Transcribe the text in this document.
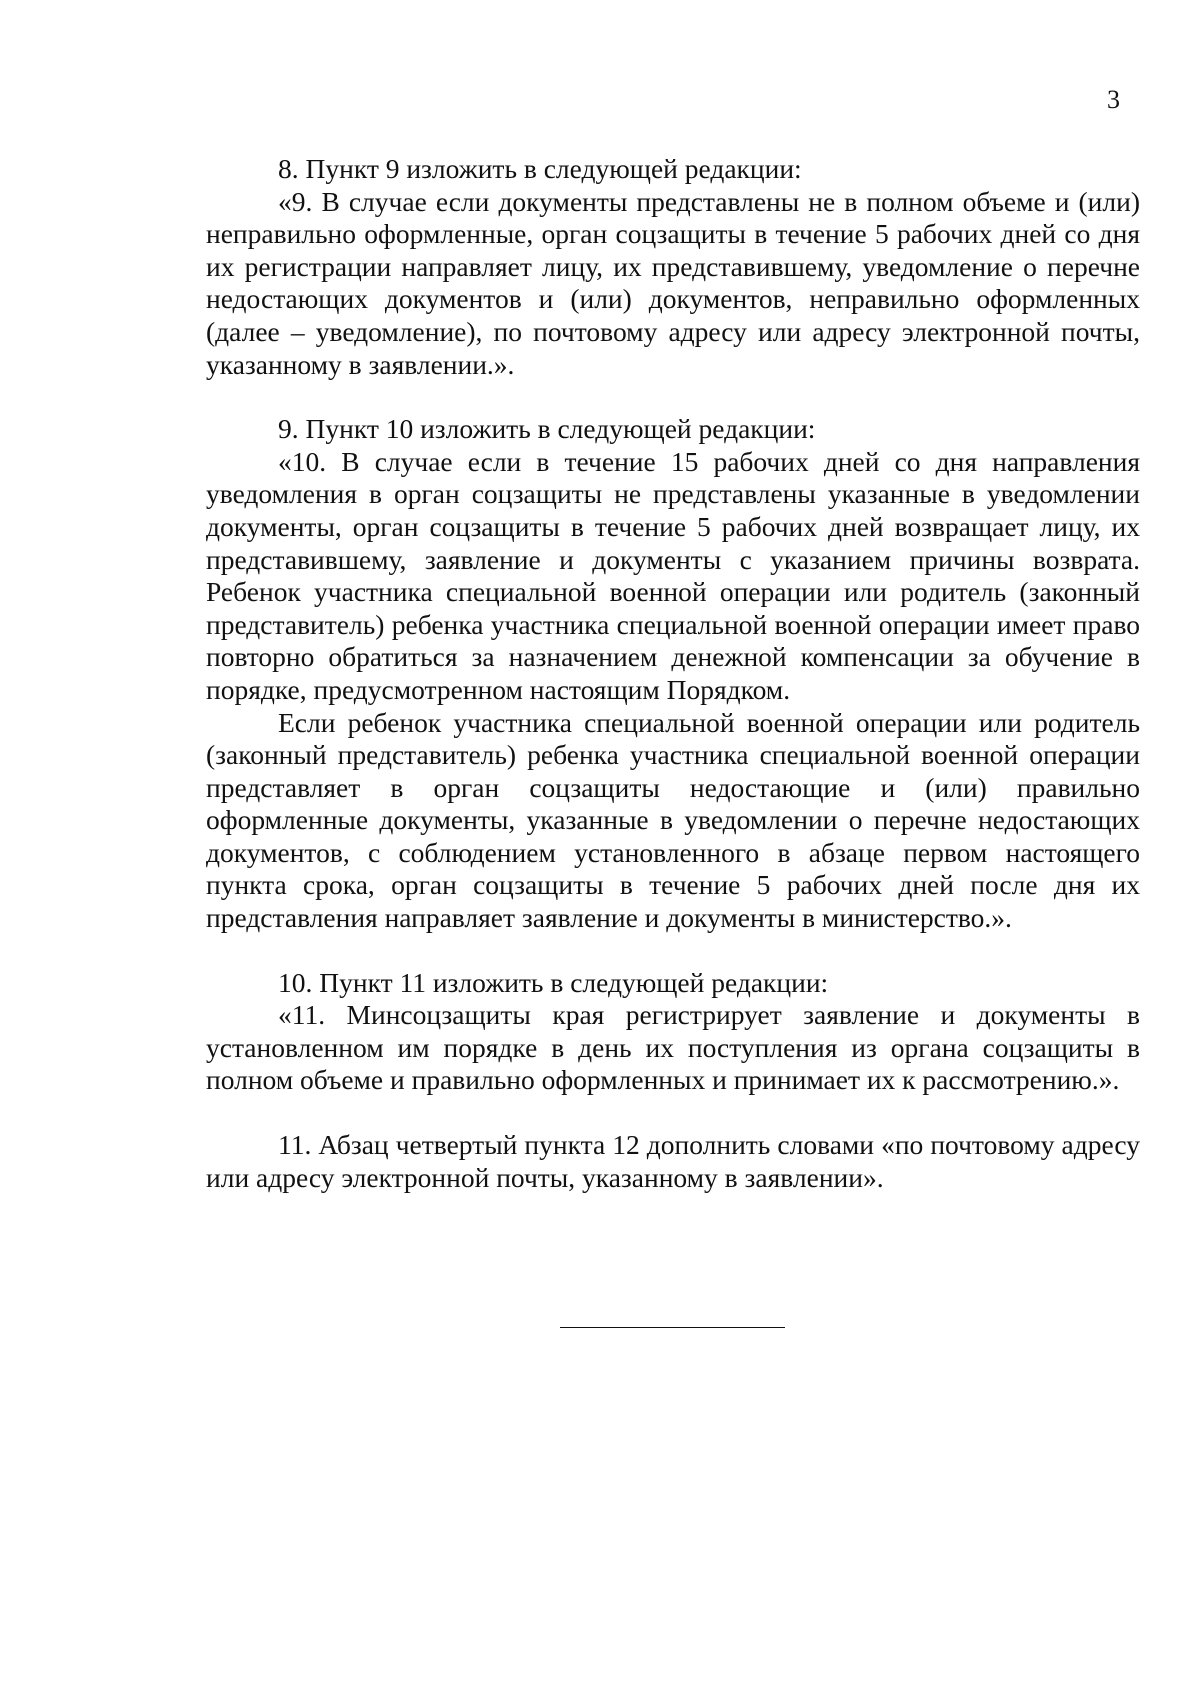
3

8. Пункт 9 изложить в следующей редакции:

«9. В случае если документы представлены не в полном объеме и (или) неправильно оформленные, орган соцзащиты в течение 5 рабочих дней со дня их регистрации направляет лицу, их представившему, уведомление о перечне недостающих документов и (или) документов, неправильно оформленных (далее – уведомление), по почтовому адресу или адресу электронной почты, указанному в заявлении.».

9. Пункт 10 изложить в следующей редакции:

«10. В случае если в течение 15 рабочих дней со дня направления уведомления в орган соцзащиты не представлены указанные в уведомлении документы, орган соцзащиты в течение 5 рабочих дней возвращает лицу, их представившему, заявление и документы с указанием причины возврата. Ребенок участника специальной военной операции или родитель (законный представитель) ребенка участника специальной военной операции имеет право повторно обратиться за назначением денежной компенсации за обучение в порядке, предусмотренном настоящим Порядком.

Если ребенок участника специальной военной операции или родитель (законный представитель) ребенка участника специальной военной операции представляет в орган соцзащиты недостающие и (или) правильно оформленные документы, указанные в уведомлении о перечне недостающих документов, с соблюдением установленного в абзаце первом настоящего пункта срока, орган соцзащиты в течение 5 рабочих дней после дня их представления направляет заявление и документы в министерство.».

10. Пункт 11 изложить в следующей редакции:

«11. Минсоцзащиты края регистрирует заявление и документы в установленном им порядке в день их поступления из органа соцзащиты в полном объеме и правильно оформленных и принимает их к рассмотрению.».

11. Абзац четвертый пункта 12 дополнить словами «по почтовому адресу или адресу электронной почты, указанному в заявлении».
